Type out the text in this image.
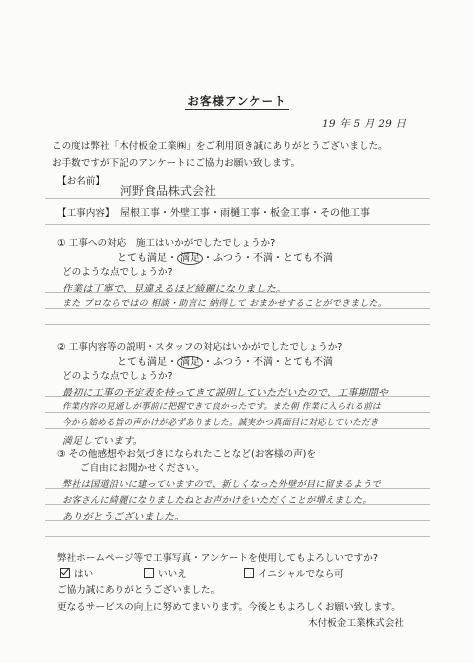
お客様アンケート
19 年 5 月 29 日
この度は弊社「木付板金工業㈱」をご利用頂き誠にありがとうございました。
お手数ですが下記のアンケートにご協力お願い致します。
【お名前】
河野食品株式会社
【工事内容】 屋根工事・外壁工事・雨樋工事・板金工事・その他工事
① 工事への対応　施工はいかがでしたでしょうか?
とても満足・ 満足 ・ふつう・不満・とても不満
どのような点でしょうか?
作業は丁寧で、見違えるほど綺麗になりました。
また プロならではの 相談・助言に 納得して おまかせすることができました。
② 工事内容等の説明・スタッフの対応はいかがでしたでしょうか?
とても満足・ 満足 ・ふつう・不満・とても不満
どのような点でしょうか?
最初に工事の予定表を持ってきて説明していただいたので、工事期間や
作業内容の見通しが事前に把握できて良かったです。また朝 作業に入られる前は
今から始める旨の声かけが必ずありました。誠実かつ真面目に対応していただき
満足しています。
③ その他感想やお気づきになられたことなど(お客様の声)を
ご自由にお聞かせください。
弊社は国道沿いに建っていますので、新しくなった外壁が目に留まるようで
お客さんに綺麗になりましたねとお声かけをいただくことが増えました。
ありがとうございました。
弊社ホームページ等で工事写真・アンケートを使用してもよろしいですか?
はい	いいえ	イニシャルでなら可
ご協力誠にありがとうございました。
更なるサービスの向上に努めてまいります。今後ともよろしくお願い致します。
木付板金工業株式会社
